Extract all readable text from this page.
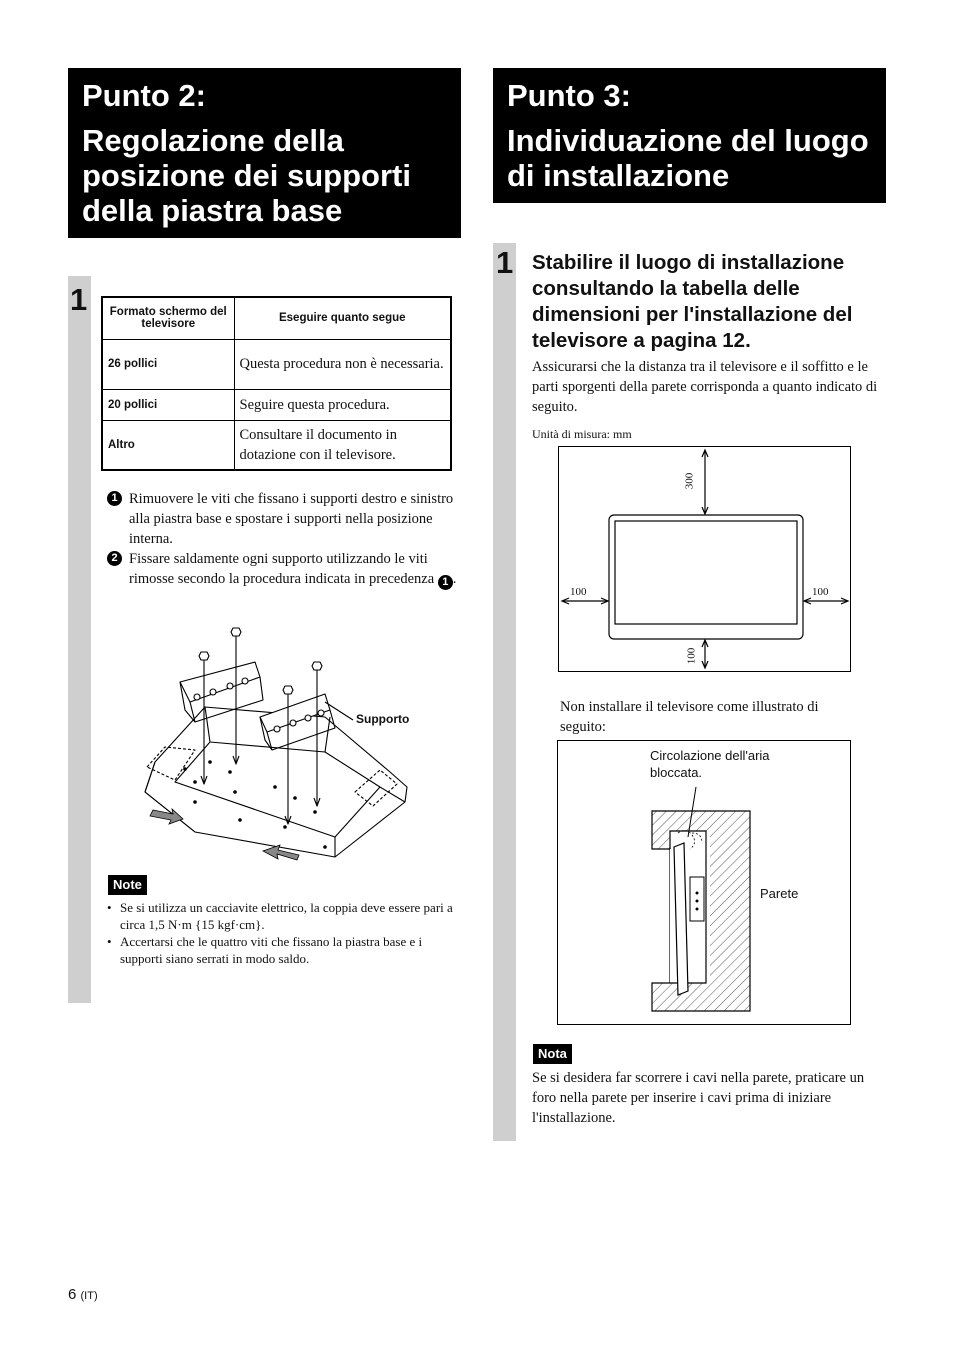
Punto 2:
Regolazione della posizione dei supporti della piastra base
1 Formato schermo del televisore	Eseguire quanto segue
26 pollici	Questa procedura non è necessaria.
20 pollici	Seguire questa procedura.
Altro	Consultare il documento in dotazione con il televisore.
1 Rimuovere le viti che fissano i supporti destro e sinistro alla piastra base e spostare i supporti nella posizione interna.
2 Fissare saldamente ogni supporto utilizzando le viti rimosse secondo la procedura indicata in precedenza 1 .
Supporto
Note
• Se si utilizza un cacciavite elettrico, la coppia deve essere pari a circa 1,5 N·m {15 kgf·cm}.
• Accertarsi che le quattro viti che fissano la piastra base e i supporti siano serrati in modo saldo.
Punto 3:
Individuazione del luogo di installazione
1 Stabilire il luogo di installazione consultando la tabella delle dimensioni per l'installazione del televisore a pagina 12.
Assicurarsi che la distanza tra il televisore e il soffitto e le parti sporgenti della parete corrisponda a quanto indicato di seguito.
Unità di misura: mm
300
100	100
100
Non installare il televisore come illustrato di seguito:
Circolazione dell'aria bloccata.
Parete
Nota
Se si desidera far scorrere i cavi nella parete, praticare un foro nella parete per inserire i cavi prima di iniziare l'installazione.
6 (IT)
